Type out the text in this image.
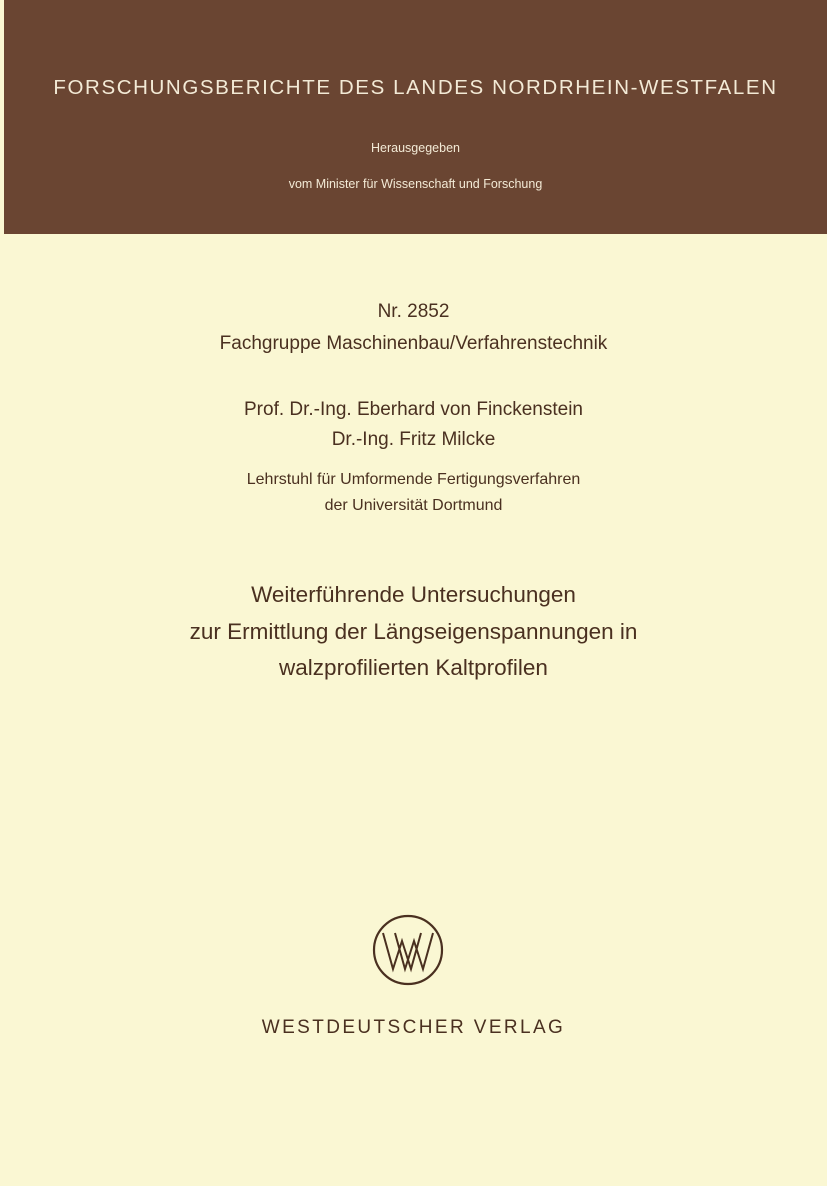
FORSCHUNGSBERICHTE DES LANDES NORDRHEIN-WESTFALEN
Herausgegeben
vom Minister für Wissenschaft und Forschung
Nr. 2852
Fachgruppe Maschinenbau/Verfahrenstechnik
Prof. Dr.-Ing. Eberhard von Finckenstein
Dr.-Ing. Fritz Milcke
Lehrstuhl für Umformende Fertigungsverfahren
der Universität Dortmund
Weiterführende Untersuchungen
zur Ermittlung der Längseigenspannungen in
walzprofilierten Kaltprofilen
WESTDEUTSCHER VERLAG
